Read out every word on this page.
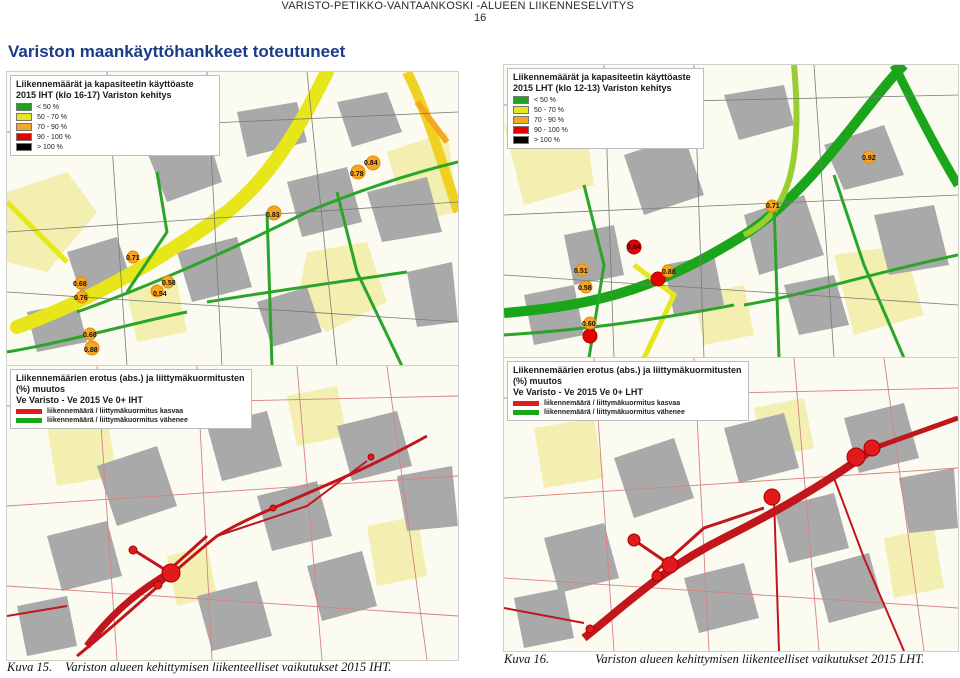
VARISTO-PETIKKO-VANTAANKOSKI -ALUEEN LIIKENNESELVITYS
16
Variston maankäyttöhankkeet toteutuneet
0.84
0.78
0.83
0.71
0.58
0.68
0.54
0.76
0.68
0.88
Liikennemäärät ja kapasiteetin käyttöaste
2015 IHT (klo 16-17) Variston kehitys
< 50 %
50 - 70 %
70 - 90 %
90 - 100 %
> 100 %
0.71
0.92
0.84
0.88
0.51
0.58
0.60
Liikennemäärät ja kapasiteetin käyttöaste
2015 LHT (klo 12-13) Variston kehitys
< 50 %
50 - 70 %
70 - 90 %
90 - 100 %
> 100 %
Liikennemäärien erotus (abs.) ja liittymäkuormitusten (%) muutos
Ve Varisto - Ve 2015 Ve 0+ IHT
liikennemäärä / liittymäkuormitus kasvaa
liikennemäärä / liittymäkuormitus vähenee
Liikennemäärien erotus (abs.) ja liittymäkuormitusten (%) muutos
Ve Varisto - Ve 2015 Ve 0+ LHT
liikennemäärä / liittymäkuormitus kasvaa
liikennemäärä / liittymäkuormitus vähenee
Kuva 15. Variston alueen kehittymisen liikenteelliset vaikutukset 2015 IHT.
Kuva 16.	Variston alueen kehittymisen liikenteelliset vaikutukset 2015 LHT.
